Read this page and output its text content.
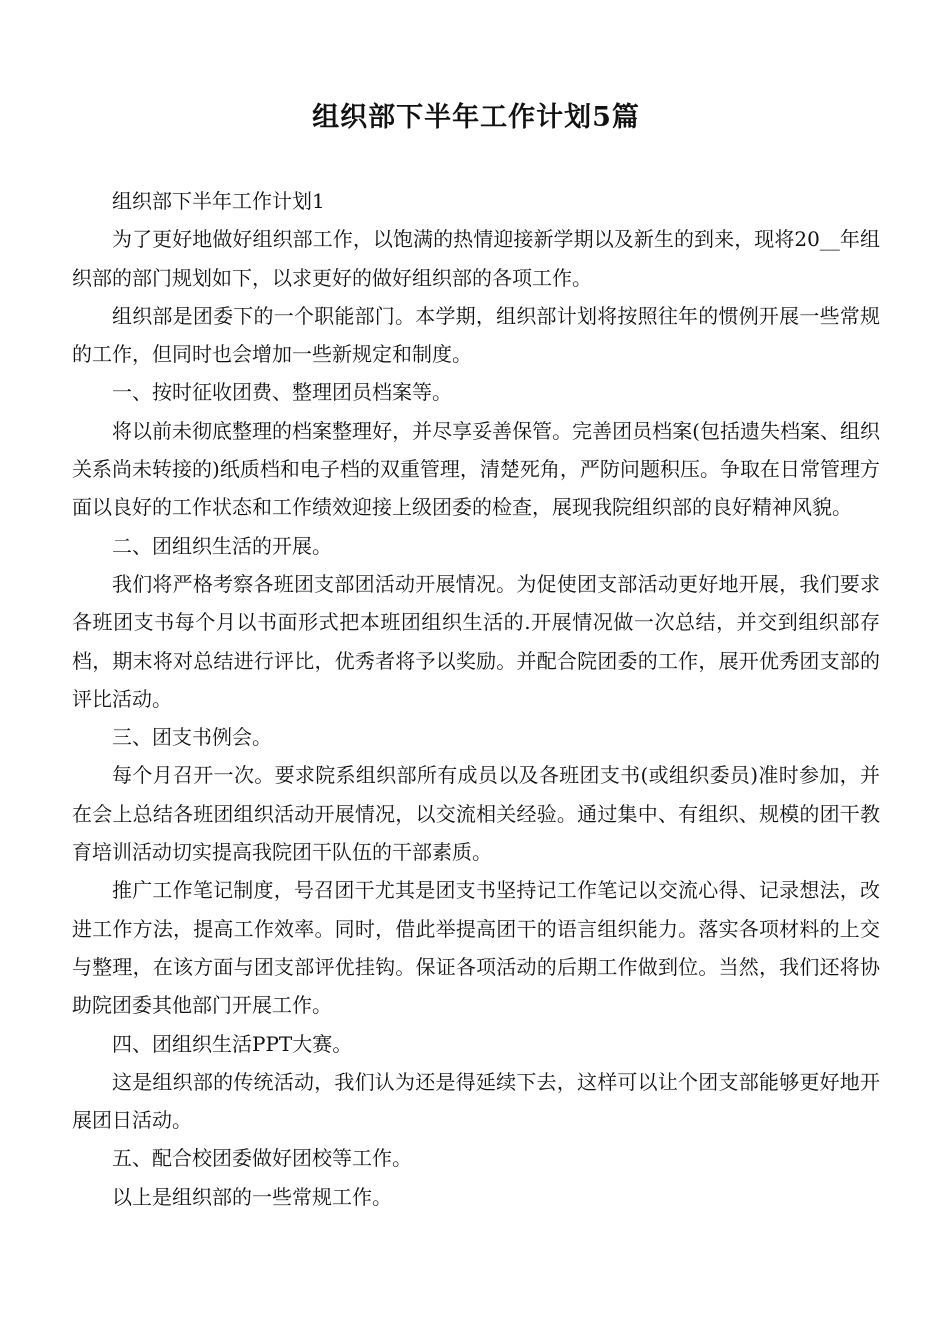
组织部下半年工作计划5篇

组织部下半年工作计划1

为了更好地做好组织部工作，以饱满的热情迎接新学期以及新生的到来，现将20__年组织部的部门规划如下，以求更好的做好组织部的各项工作。

组织部是团委下的一个职能部门。本学期，组织部计划将按照往年的惯例开展一些常规的工作，但同时也会增加一些新规定和制度。

一、按时征收团费、整理团员档案等。

将以前未彻底整理的档案整理好，并尽享妥善保管。完善团员档案(包括遗失档案、组织关系尚未转接的)纸质档和电子档的双重管理，清楚死角，严防问题积压。争取在日常管理方面以良好的工作状态和工作绩效迎接上级团委的检查，展现我院组织部的良好精神风貌。

二、团组织生活的开展。

我们将严格考察各班团支部团活动开展情况。为促使团支部活动更好地开展，我们要求各班团支书每个月以书面形式把本班团组织生活的.开展情况做一次总结，并交到组织部存档，期末将对总结进行评比，优秀者将予以奖励。并配合院团委的工作，展开优秀团支部的评比活动。

三、团支书例会。

每个月召开一次。要求院系组织部所有成员以及各班团支书(或组织委员)准时参加，并在会上总结各班团组织活动开展情况，以交流相关经验。通过集中、有组织、规模的团干教育培训活动切实提高我院团干队伍的干部素质。

推广工作笔记制度，号召团干尤其是团支书坚持记工作笔记以交流心得、记录想法，改进工作方法，提高工作效率。同时，借此举提高团干的语言组织能力。落实各项材料的上交与整理，在该方面与团支部评优挂钩。保证各项活动的后期工作做到位。当然，我们还将协助院团委其他部门开展工作。

四、团组织生活PPT大赛。

这是组织部的传统活动，我们认为还是得延续下去，这样可以让个团支部能够更好地开展团日活动。

五、配合校团委做好团校等工作。

以上是组织部的一些常规工作。
